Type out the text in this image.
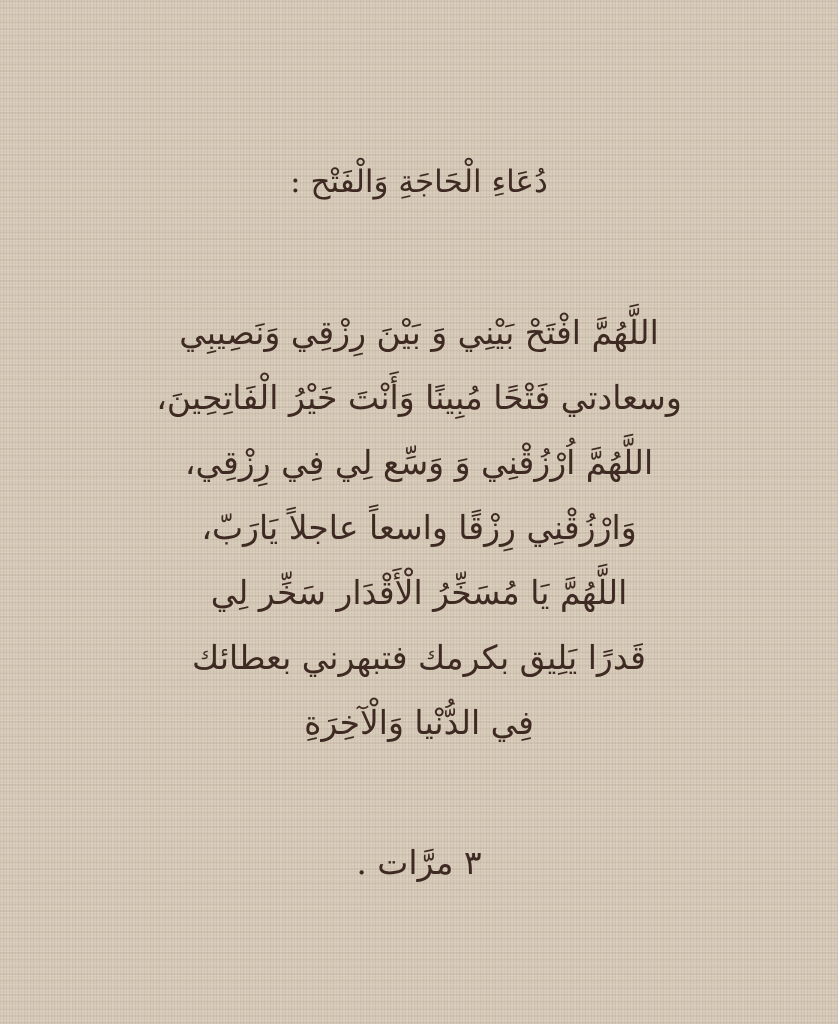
دُعَاءِ الْحَاجَةِ وَالْفَتْح :
اللَّهُمَّ افْتَحْ بَيْنِي وَ بَيْنَ رِزْقِي وَنَصِيبِي
وسعادتي فَتْحًا مُبِينًا وَأَنْتَ خَيْرُ الْفَاتِحِينَ،
اللَّهُمَّ اُرْزُقْنِي وَ وَسِّع لِي فِي رِزْقِي،
وَارْزُقْنِي رِزْقًا واسعاً عاجلاً يَارَبّ،
اللَّهُمَّ يَا مُسَخِّرُ الْأَقْدَار سَخِّر لِي
قَدرًا يَلِيق بكرمك فتبهرني بعطائك
فِي الدُّنْيا وَالْآخِرَةِ
٣ مرَّات .
